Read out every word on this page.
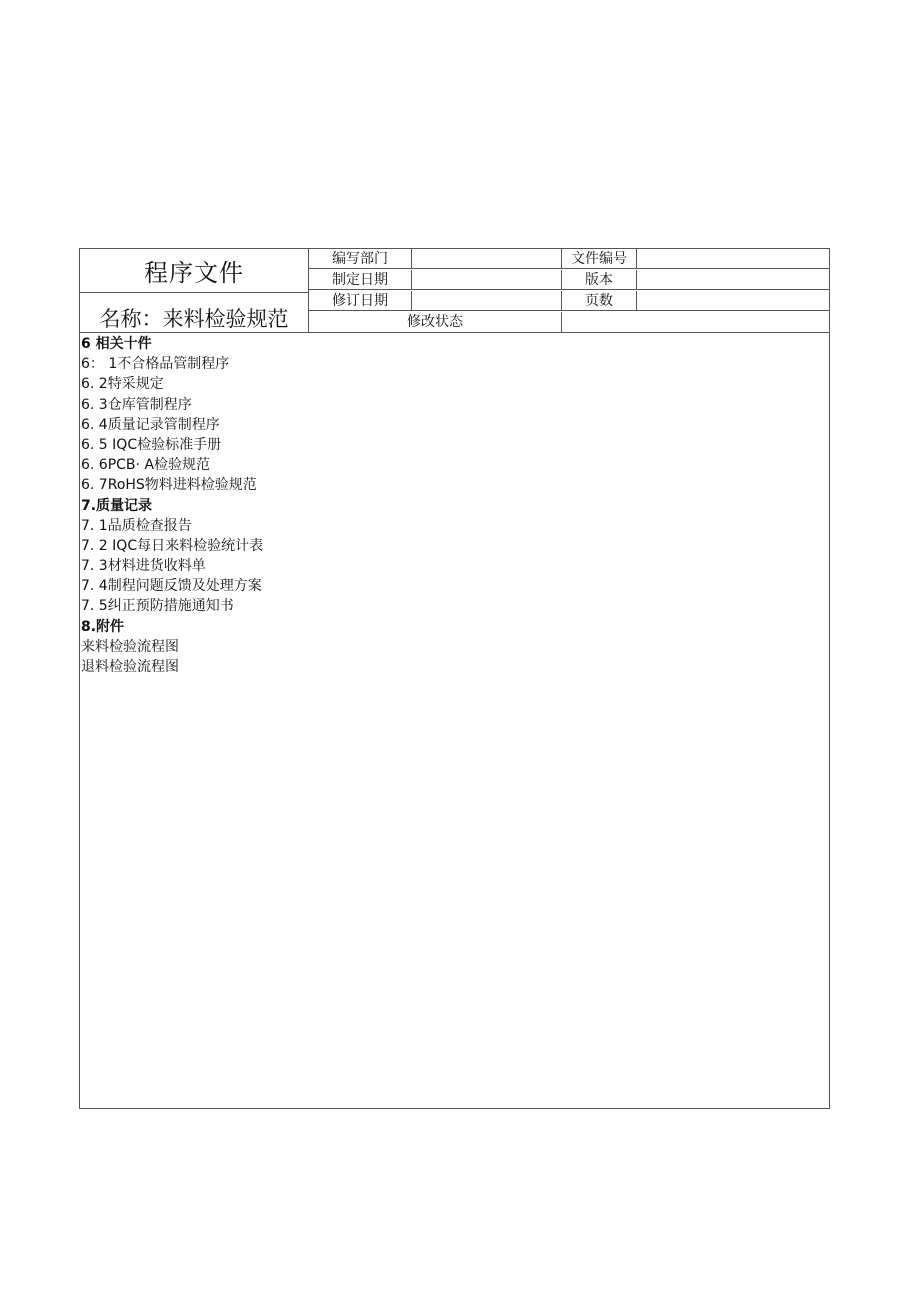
程序文件
名称：来料检验规范
编写部门	文件编号
制定日期	版本
修订日期	页数
修改状态
6 相关十件
6： 1不合格品管制程序
6. 2特采规定
6. 3仓库管制程序
6. 4质量记录管制程序
6. 5 IQC检验标准手册
6. 6PCB· A检验规范
6. 7RoHS物料进料检验规范
7.质量记录
7. 1品质检查报告
7. 2 IQC每日来料检验统计表
7. 3材料进货收料单
7. 4制程问题反馈及处理方案
7. 5纠正预防措施通知书
8.附件
来料检验流程图
退料检验流程图
